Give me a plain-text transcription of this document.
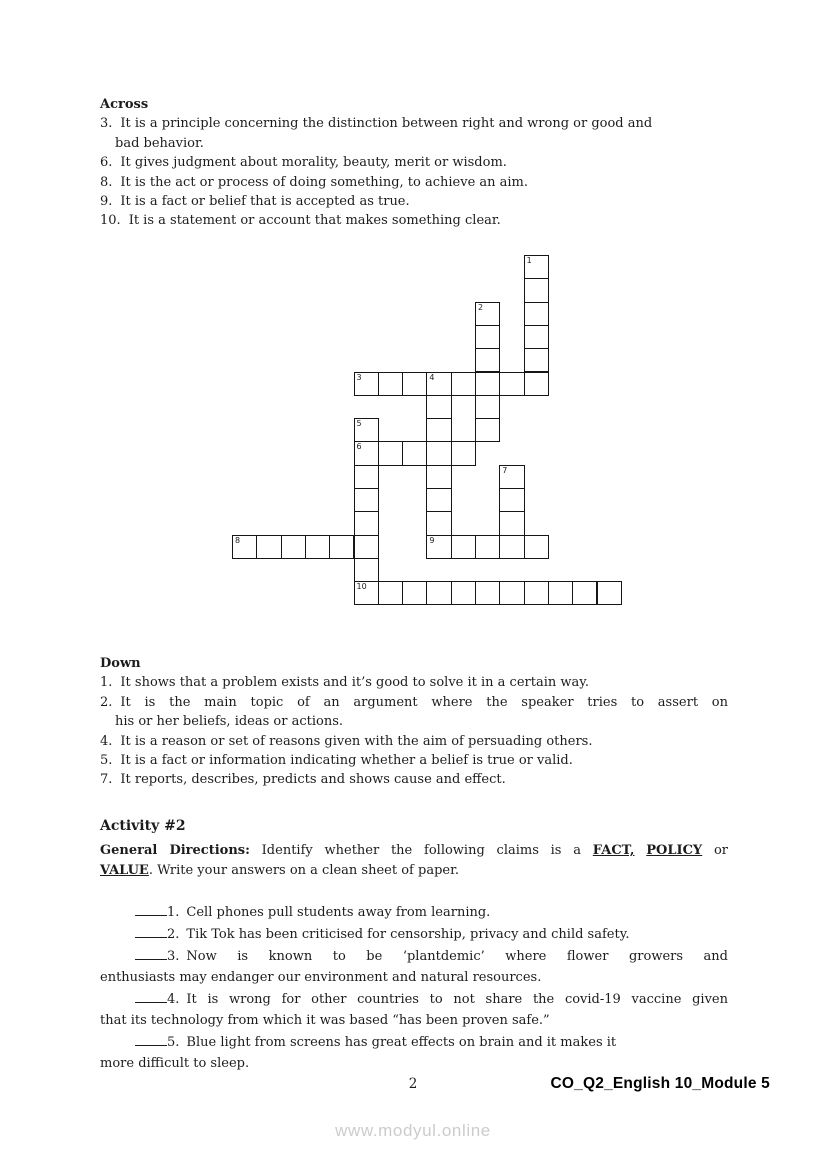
Across
3. It is a principle concerning the distinction between right and wrong or good and
bad behavior.
6. It gives judgment about morality, beauty, merit or wisdom.
8. It is the act or process of doing something, to achieve an aim.
9. It is a fact or belief that is accepted as true.
10. It is a statement or account that makes something clear.
1
2
3	4
9
5
6
10
7
8
Down
1. It shows that a problem exists and it’s good to solve it in a certain way.
2. It is the main topic of an argument where the speaker tries to assert on
his or her beliefs, ideas or actions.
4. It is a reason or set of reasons given with the aim of persuading others.
5. It is a fact or information indicating whether a belief is true or valid.
7. It reports, describes, predicts and shows cause and effect.
Activity #2
General Directions: Identify whether the following claims is a FACT, POLICY or
VALUE. Write your answers on a clean sheet of paper.
1. Cell phones pull students away from learning.
2. Tik Tok has been criticised for censorship, privacy and child safety.
3. Now is known to be ‘plantdemic’ where flower growers and
enthusiasts may endanger our environment and natural resources.
4. It is wrong for other countries to not share the covid-19 vaccine given
that its technology from which it was based “has been proven safe.”
5. Blue light from screens has great effects on brain and it makes it
more difficult to sleep.
2	CO_Q2_English 10_Module 5
www.modyul.online
